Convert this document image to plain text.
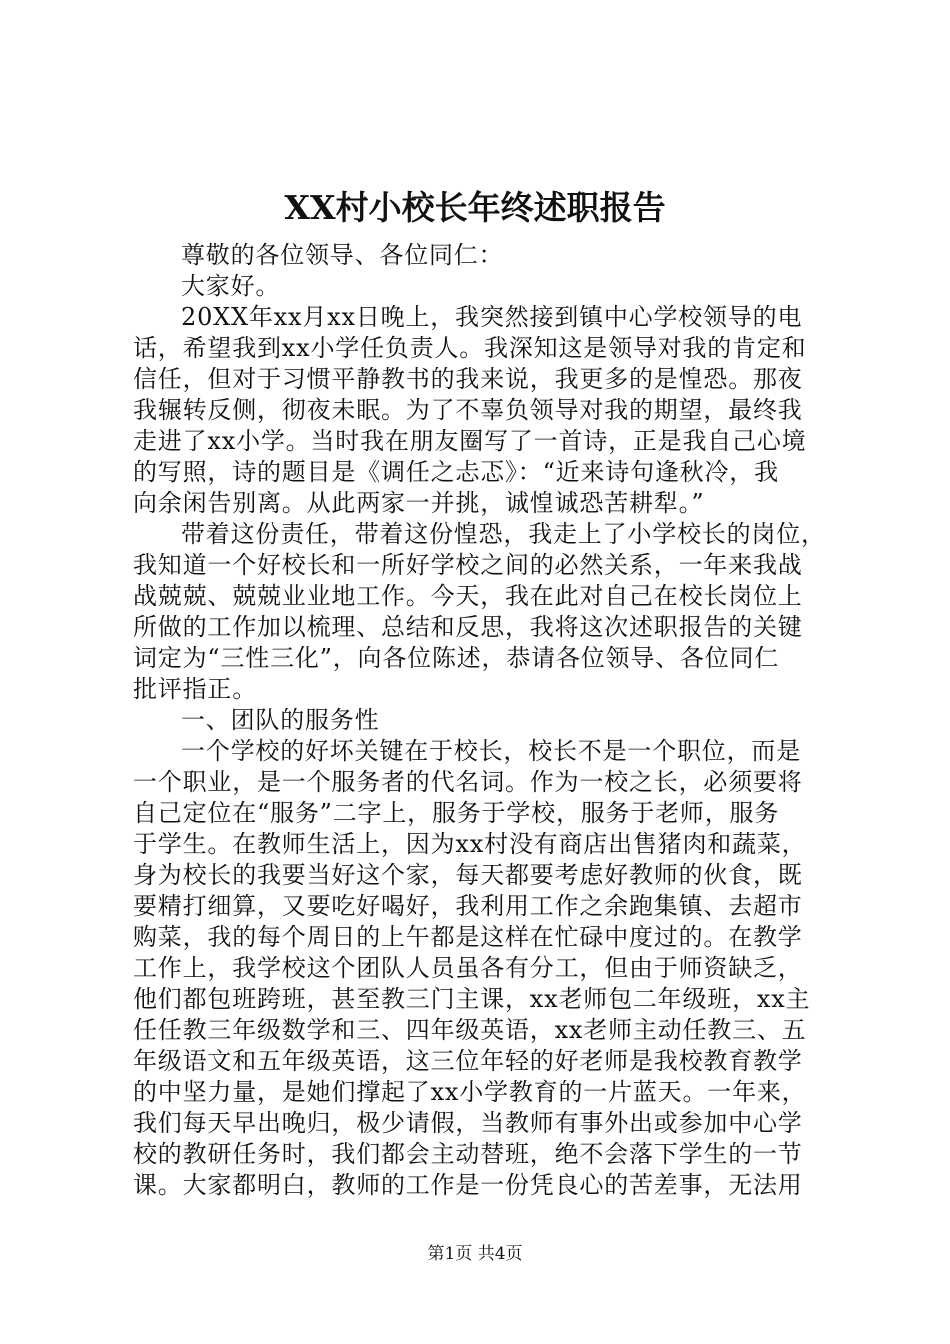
XX村小校长年终述职报告
尊敬的各位领导、各位同仁：
大家好。
20XX年xx月xx日晚上，我突然接到镇中心学校领导的电
话，希望我到xx小学任负责人。我深知这是领导对我的肯定和
信任，但对于习惯平静教书的我来说，我更多的是惶恐。那夜
我辗转反侧，彻夜未眠。为了不辜负领导对我的期望，最终我
走进了xx小学。当时我在朋友圈写了一首诗，正是我自己心境
的写照，诗的题目是《调任之忐忑》：“近来诗句逢秋冷，我
向余闲告别离。从此两家一并挑，诚惶诚恐苦耕犁。”
带着这份责任，带着这份惶恐，我走上了小学校长的岗位，
我知道一个好校长和一所好学校之间的必然关系，一年来我战
战兢兢、兢兢业业地工作。今天，我在此对自己在校长岗位上
所做的工作加以梳理、总结和反思，我将这次述职报告的关键
词定为“三性三化”，向各位陈述，恭请各位领导、各位同仁
批评指正。
一、团队的服务性
一个学校的好坏关键在于校长，校长不是一个职位，而是
一个职业，是一个服务者的代名词。作为一校之长，必须要将
自己定位在“服务”二字上，服务于学校，服务于老师，服务
于学生。在教师生活上，因为xx村没有商店出售猪肉和蔬菜，
身为校长的我要当好这个家，每天都要考虑好教师的伙食，既
要精打细算，又要吃好喝好，我利用工作之余跑集镇、去超市
购菜，我的每个周日的上午都是这样在忙碌中度过的。在教学
工作上，我学校这个团队人员虽各有分工，但由于师资缺乏，
他们都包班跨班，甚至教三门主课，xx老师包二年级班，xx主
任任教三年级数学和三、四年级英语，xx老师主动任教三、五
年级语文和五年级英语，这三位年轻的好老师是我校教育教学
的中坚力量，是她们撑起了xx小学教育的一片蓝天。一年来，
我们每天早出晚归，极少请假，当教师有事外出或参加中心学
校的教研任务时，我们都会主动替班，绝不会落下学生的一节
课。大家都明白，教师的工作是一份凭良心的苦差事，无法用
第1页 共4页
